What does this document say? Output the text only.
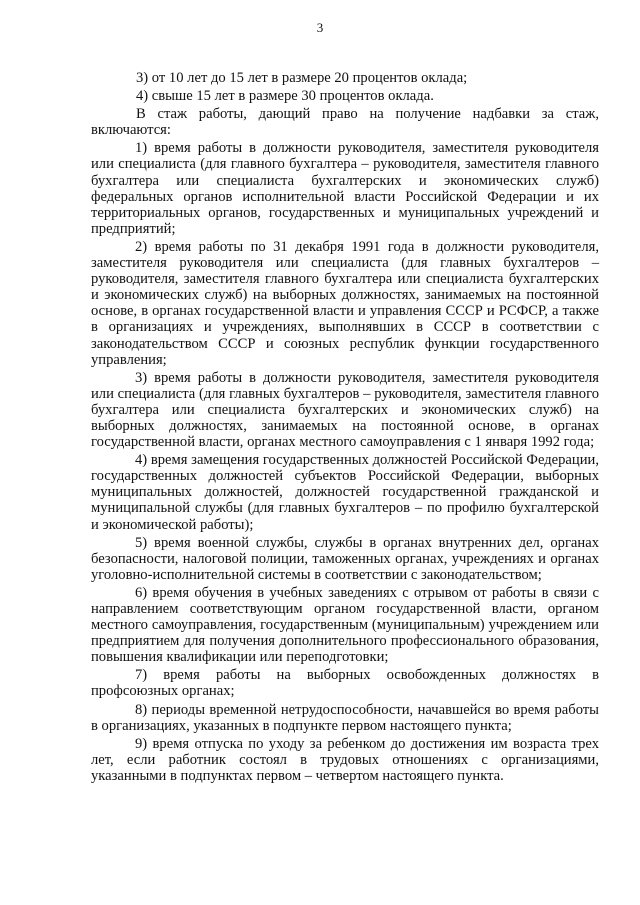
3

3) от 10 лет до 15 лет в размере 20 процентов оклада;

4) свыше 15 лет в размере 30 процентов оклада.

В стаж работы, дающий право на получение надбавки за стаж, включаются:

1) время работы в должности руководителя, заместителя руководителя или специалиста (для главного бухгалтера – руководителя, заместителя главного бухгалтера или специалиста бухгалтерских и экономических служб) федеральных органов исполнительной власти Российской Федерации и их территориальных органов, государственных и муниципальных учреждений и предприятий;

2) время работы по 31 декабря 1991 года в должности руководителя, заместителя руководителя или специалиста (для главных бухгалтеров – руководителя, заместителя главного бухгалтера или специалиста бухгалтерских и экономических служб) на выборных должностях, занимаемых на постоянной основе, в органах государственной власти и управления СССР и РСФСР, а также в организациях и учреждениях, выполнявших в СССР в соответствии с законодательством СССР и союзных республик функции государственного управления;

3) время работы в должности руководителя, заместителя руководителя или специалиста (для главных бухгалтеров – руководителя, заместителя главного бухгалтера или специалиста бухгалтерских и экономических служб) на выборных должностях, занимаемых на постоянной основе, в органах государственной власти, органах местного самоуправления с 1 января 1992 года;

4) время замещения государственных должностей Российской Федерации, государственных должностей субъектов Российской Федерации, выборных муниципальных должностей, должностей государственной гражданской и муниципальной службы (для главных бухгалтеров – по профилю бухгалтерской и экономической работы);

5) время военной службы, службы в органах внутренних дел, органах безопасности, налоговой полиции, таможенных органах, учреждениях и органах уголовно-исполнительной системы в соответствии с законодательством;

6) время обучения в учебных заведениях с отрывом от работы в связи с направлением соответствующим органом государственной власти, органом местного самоуправления, государственным (муниципальным) учреждением или предприятием для получения дополнительного профессионального образования, повышения квалификации или переподготовки;

7) время работы на выборных освобожденных должностях в профсоюзных органах;

8) периоды временной нетрудоспособности, начавшейся во время работы в организациях, указанных в подпункте первом настоящего пункта;

9) время отпуска по уходу за ребенком до достижения им возраста трех лет, если работник состоял в трудовых отношениях с организациями, указанными в подпунктах первом – четвертом настоящего пункта.
